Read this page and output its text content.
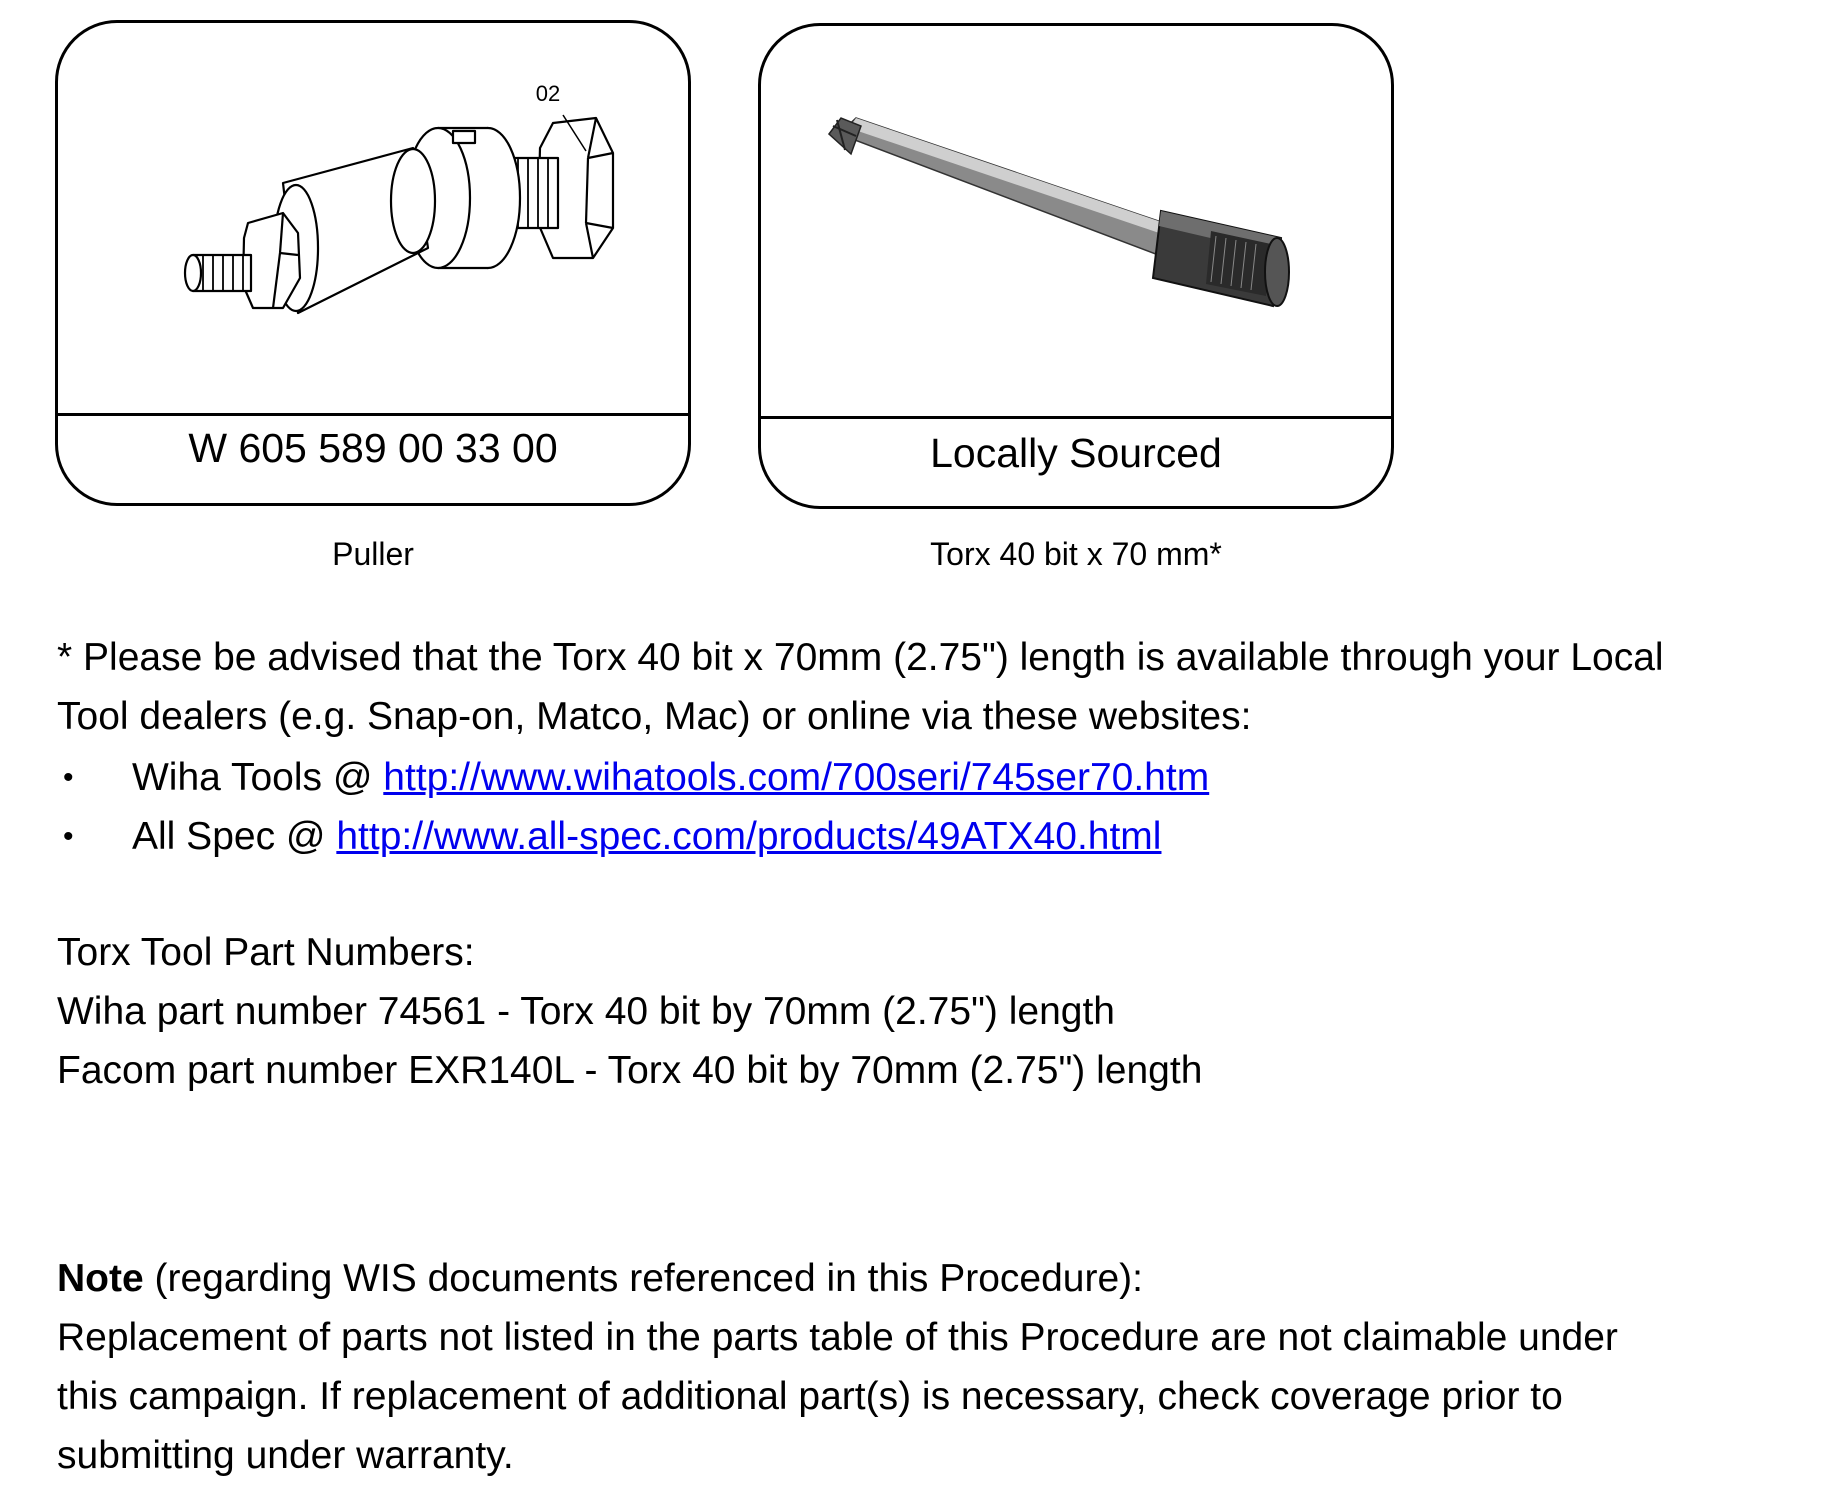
02
W 605 589 00 33 00
Puller
Locally Sourced
Torx 40 bit x 70 mm*

* Please be advised that the Torx 40 bit x 70mm (2.75") length is available through your Local

Tool dealers (e.g. Snap-on, Matco, Mac) or online via these websites:

• Wiha Tools @ http://www.wihatools.com/700seri/745ser70.htm
• All Spec @ http://www.all-spec.com/products/49ATX40.html

Torx Tool Part Numbers:

Wiha part number 74561 - Torx 40 bit by 70mm (2.75") length

Facom part number EXR140L - Torx 40 bit by 70mm (2.75") length

Note (regarding WIS documents referenced in this Procedure):

Replacement of parts not listed in the parts table of this Procedure are not claimable under

this campaign. If replacement of additional part(s) is necessary, check coverage prior to

submitting under warranty.
